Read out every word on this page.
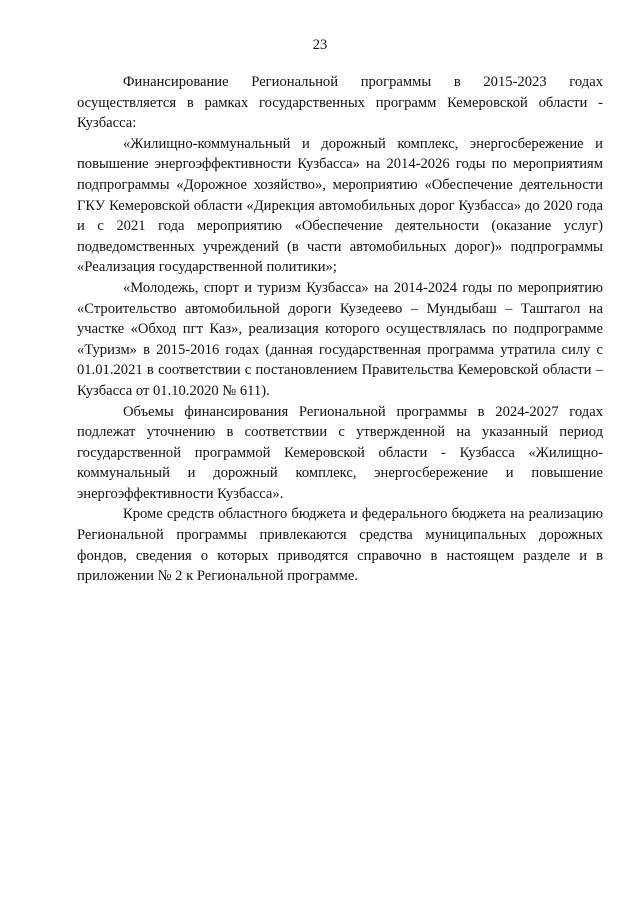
23

Финансирование Региональной программы в 2015-2023 годах осуществляется в рамках государственных программ Кемеровской области - Кузбасса:

«Жилищно-коммунальный и дорожный комплекс, энергосбережение и повышение энергоэффективности Кузбасса» на 2014-2026 годы по мероприятиям подпрограммы «Дорожное хозяйство», мероприятию «Обеспечение деятельности ГКУ Кемеровской области «Дирекция автомобильных дорог Кузбасса» до 2020 года и с 2021 года мероприятию «Обеспечение деятельности (оказание услуг) подведомственных учреждений (в части автомобильных дорог)» подпрограммы «Реализация государственной политики»;

«Молодежь, спорт и туризм Кузбасса» на 2014-2024 годы по мероприятию «Строительство автомобильной дороги Кузедеево – Мундыбаш – Таштагол на участке «Обход пгт Каз», реализация которого осуществлялась по подпрограмме «Туризм» в 2015-2016 годах (данная государственная программа утратила силу с 01.01.2021 в соответствии с постановлением Правительства Кемеровской области – Кузбасса от 01.10.2020 № 611).

Объемы финансирования Региональной программы в 2024-2027 годах подлежат уточнению в соответствии с утвержденной на указанный период государственной программой Кемеровской области - Кузбасса «Жилищно-коммунальный и дорожный комплекс, энергосбережение и повышение энергоэффективности Кузбасса».

Кроме средств областного бюджета и федерального бюджета на реализацию Региональной программы привлекаются средства муниципальных дорожных фондов, сведения о которых приводятся справочно в настоящем разделе и в приложении № 2 к Региональной программе.
